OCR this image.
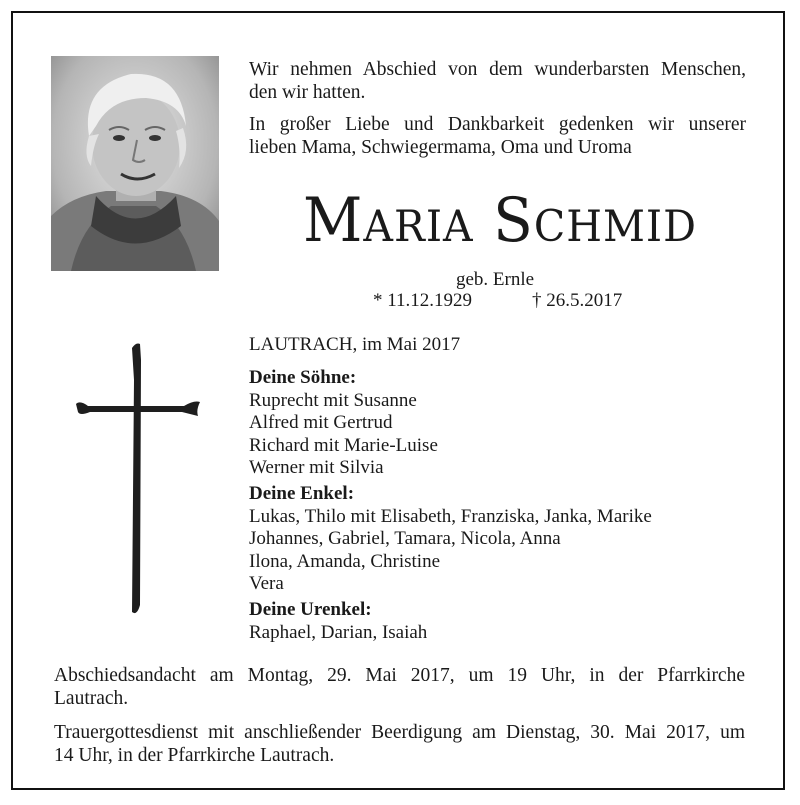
Wir nehmen Abschied von dem wunderbarsten Menschen,
den wir hatten.

In großer Liebe und Dankbarkeit gedenken wir unserer
lieben Mama, Schwiegermama, Oma und Uroma

Maria Schmid
geb. Ernle
* 11.12.1929	† 26.5.2017
LAUTRACH, im Mai 2017
Deine Söhne:
Ruprecht mit Susanne
Alfred mit Gertrud
Richard mit Marie-Luise
Werner mit Silvia
Deine Enkel:
Lukas, Thilo mit Elisabeth, Franziska, Janka, Marike
Johannes, Gabriel, Tamara, Nicola, Anna
Ilona, Amanda, Christine
Vera
Deine Urenkel:
Raphael, Darian, Isaiah

Abschiedsandacht am Montag, 29. Mai 2017, um 19 Uhr, in der Pfarrkirche
Lautrach.

Trauergottesdienst mit anschließender Beerdigung am Dienstag, 30. Mai 2017, um
14 Uhr, in der Pfarrkirche Lautrach.
